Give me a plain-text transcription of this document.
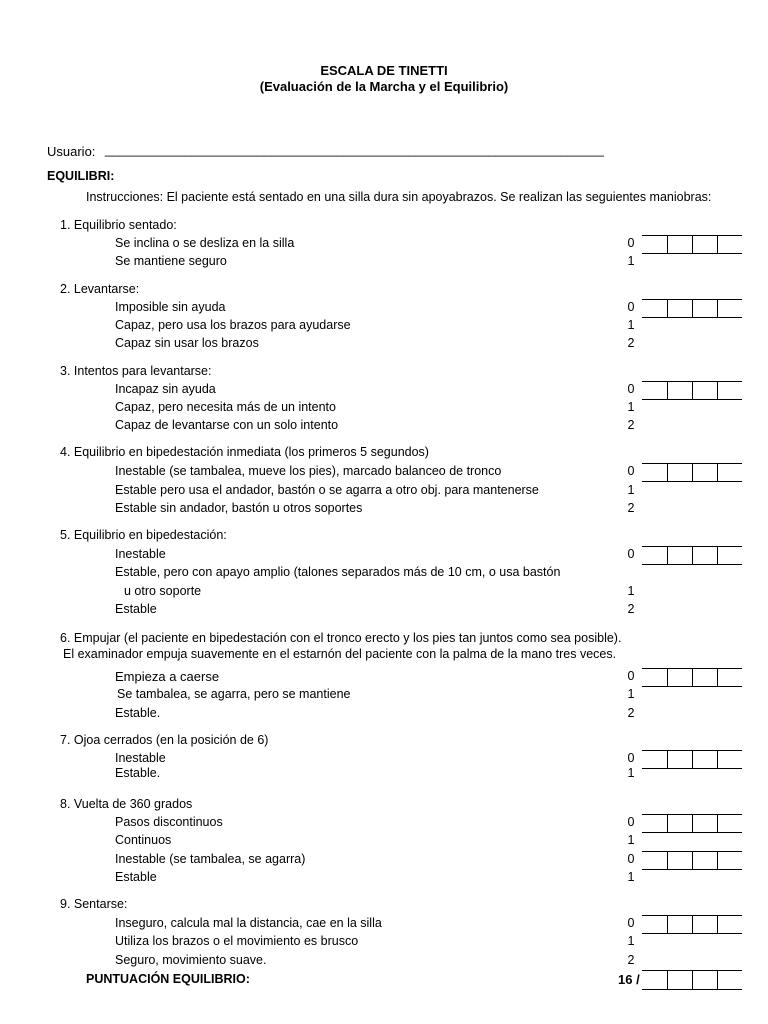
ESCALA DE TINETTI
(Evaluación de la Marcha y el Equilibrio)
Usuario: _____________________________________________________________________
EQUILIBRI:
Instrucciones: El paciente está sentado en una silla dura sin apoyabrazos. Se realizan las seguientes maniobras:
1. Equilibrio sentado:
Se inclina o se desliza en la silla	0
Se mantiene seguro	1
2. Levantarse:
Imposible sin ayuda	0
Capaz, pero usa los brazos para ayudarse	1
Capaz sin usar los brazos	2
3. Intentos para levantarse:
Incapaz sin ayuda	0
Capaz, pero necesita más de un intento	1
Capaz de levantarse con un solo intento	2
4. Equilibrio en bipedestación inmediata (los primeros 5 segundos)
Inestable (se tambalea, mueve los pies), marcado balanceo de tronco	0
Estable pero usa el andador, bastón o se agarra a otro obj. para mantenerse	1
Estable sin andador, bastón u otros soportes	2
5. Equilibrio en bipedestación:
Inestable	0
Estable, pero con apayo amplio (talones separados más de 10 cm, o usa bastón
u otro soporte	1
Estable	2
6. Empujar (el paciente en bipedestación con el tronco erecto y los pies tan juntos como sea posible).
El examinador empuja suavemente en el estarnón del paciente con la palma de la mano tres veces.
Empieza a caerse	0
Se tambalea, se agarra, pero se mantiene	1
Estable.	2
7. Ojoa cerrados (en la posición de 6)
Inestable	0
Estable.	1
8. Vuelta de 360 grados
Pasos discontinuos	0
Continuos	1
Inestable (se tambalea, se agarra)	0
Estable	1
9. Sentarse:
Inseguro, calcula mal la distancia, cae en la silla	0
Utiliza los brazos o el movimiento es brusco	1
Seguro, movimiento suave.	2
PUNTUACIÓN EQUILIBRIO:	16 /
